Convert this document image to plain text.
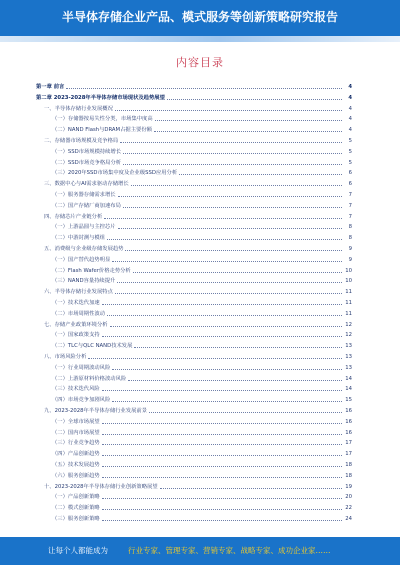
半导体存储企业产品、模式服务等创新策略研究报告
内容目录
第一章 前言	4
第二章 2023-2028年半导体存储市场现状及趋势展望	4
一、半导体存储行业发展概况	4
（一）存储器按易失性分类，市场集中度高	4
（二）NAND Flash与DRAM占据主要份额	4
二、存储器市场规模及竞争格局	5
（一）SSD市场规模持续增长	5
（二）SSD市场竞争格局分析	5
（三）2020年SSD市场集中度及企业级SSD应用分析	6
三、数据中心与AI需求驱动存储增长	6
（一）服务器存储需求增长	7
（二）国产存储厂商加速布局	7
四、存储芯片产业链分析	7
（一）上游晶圆与主控芯片	8
（二）中游封测与模组	8
五、消费级与企业级存储发展趋势	9
（一）国产替代趋势明显	9
（二）Flash Wafer价格走势分析	10
（三）NAND容量持续提升	10
六、半导体存储行业发展特点	11
（一）技术迭代加速	11
（二）市场周期性波动	11
七、存储产业政策环境分析	12
（一）国家政策支持	12
（二）TLC与QLC NAND技术发展	13
八、市场风险分析	13
（一）行业周期波动风险	13
（二）上游原材料价格波动风险	14
（三）技术迭代风险	14
（四）市场竞争加剧风险	15
九、2023-2028年半导体存储行业发展前景	16
（一）全球市场展望	16
（二）国内市场展望	16
（三）行业竞争趋势	17
（四）产品创新趋势	17
（五）技术发展趋势	18
（六）服务创新趋势	18
十、2023-2028年半导体存储行业创新策略展望	19
（一）产品创新策略	20
（二）模式创新策略	22
（三）服务创新策略	24
让每个人都能成为	行业专家、管理专家、营销专家、战略专家、成功企业家……
